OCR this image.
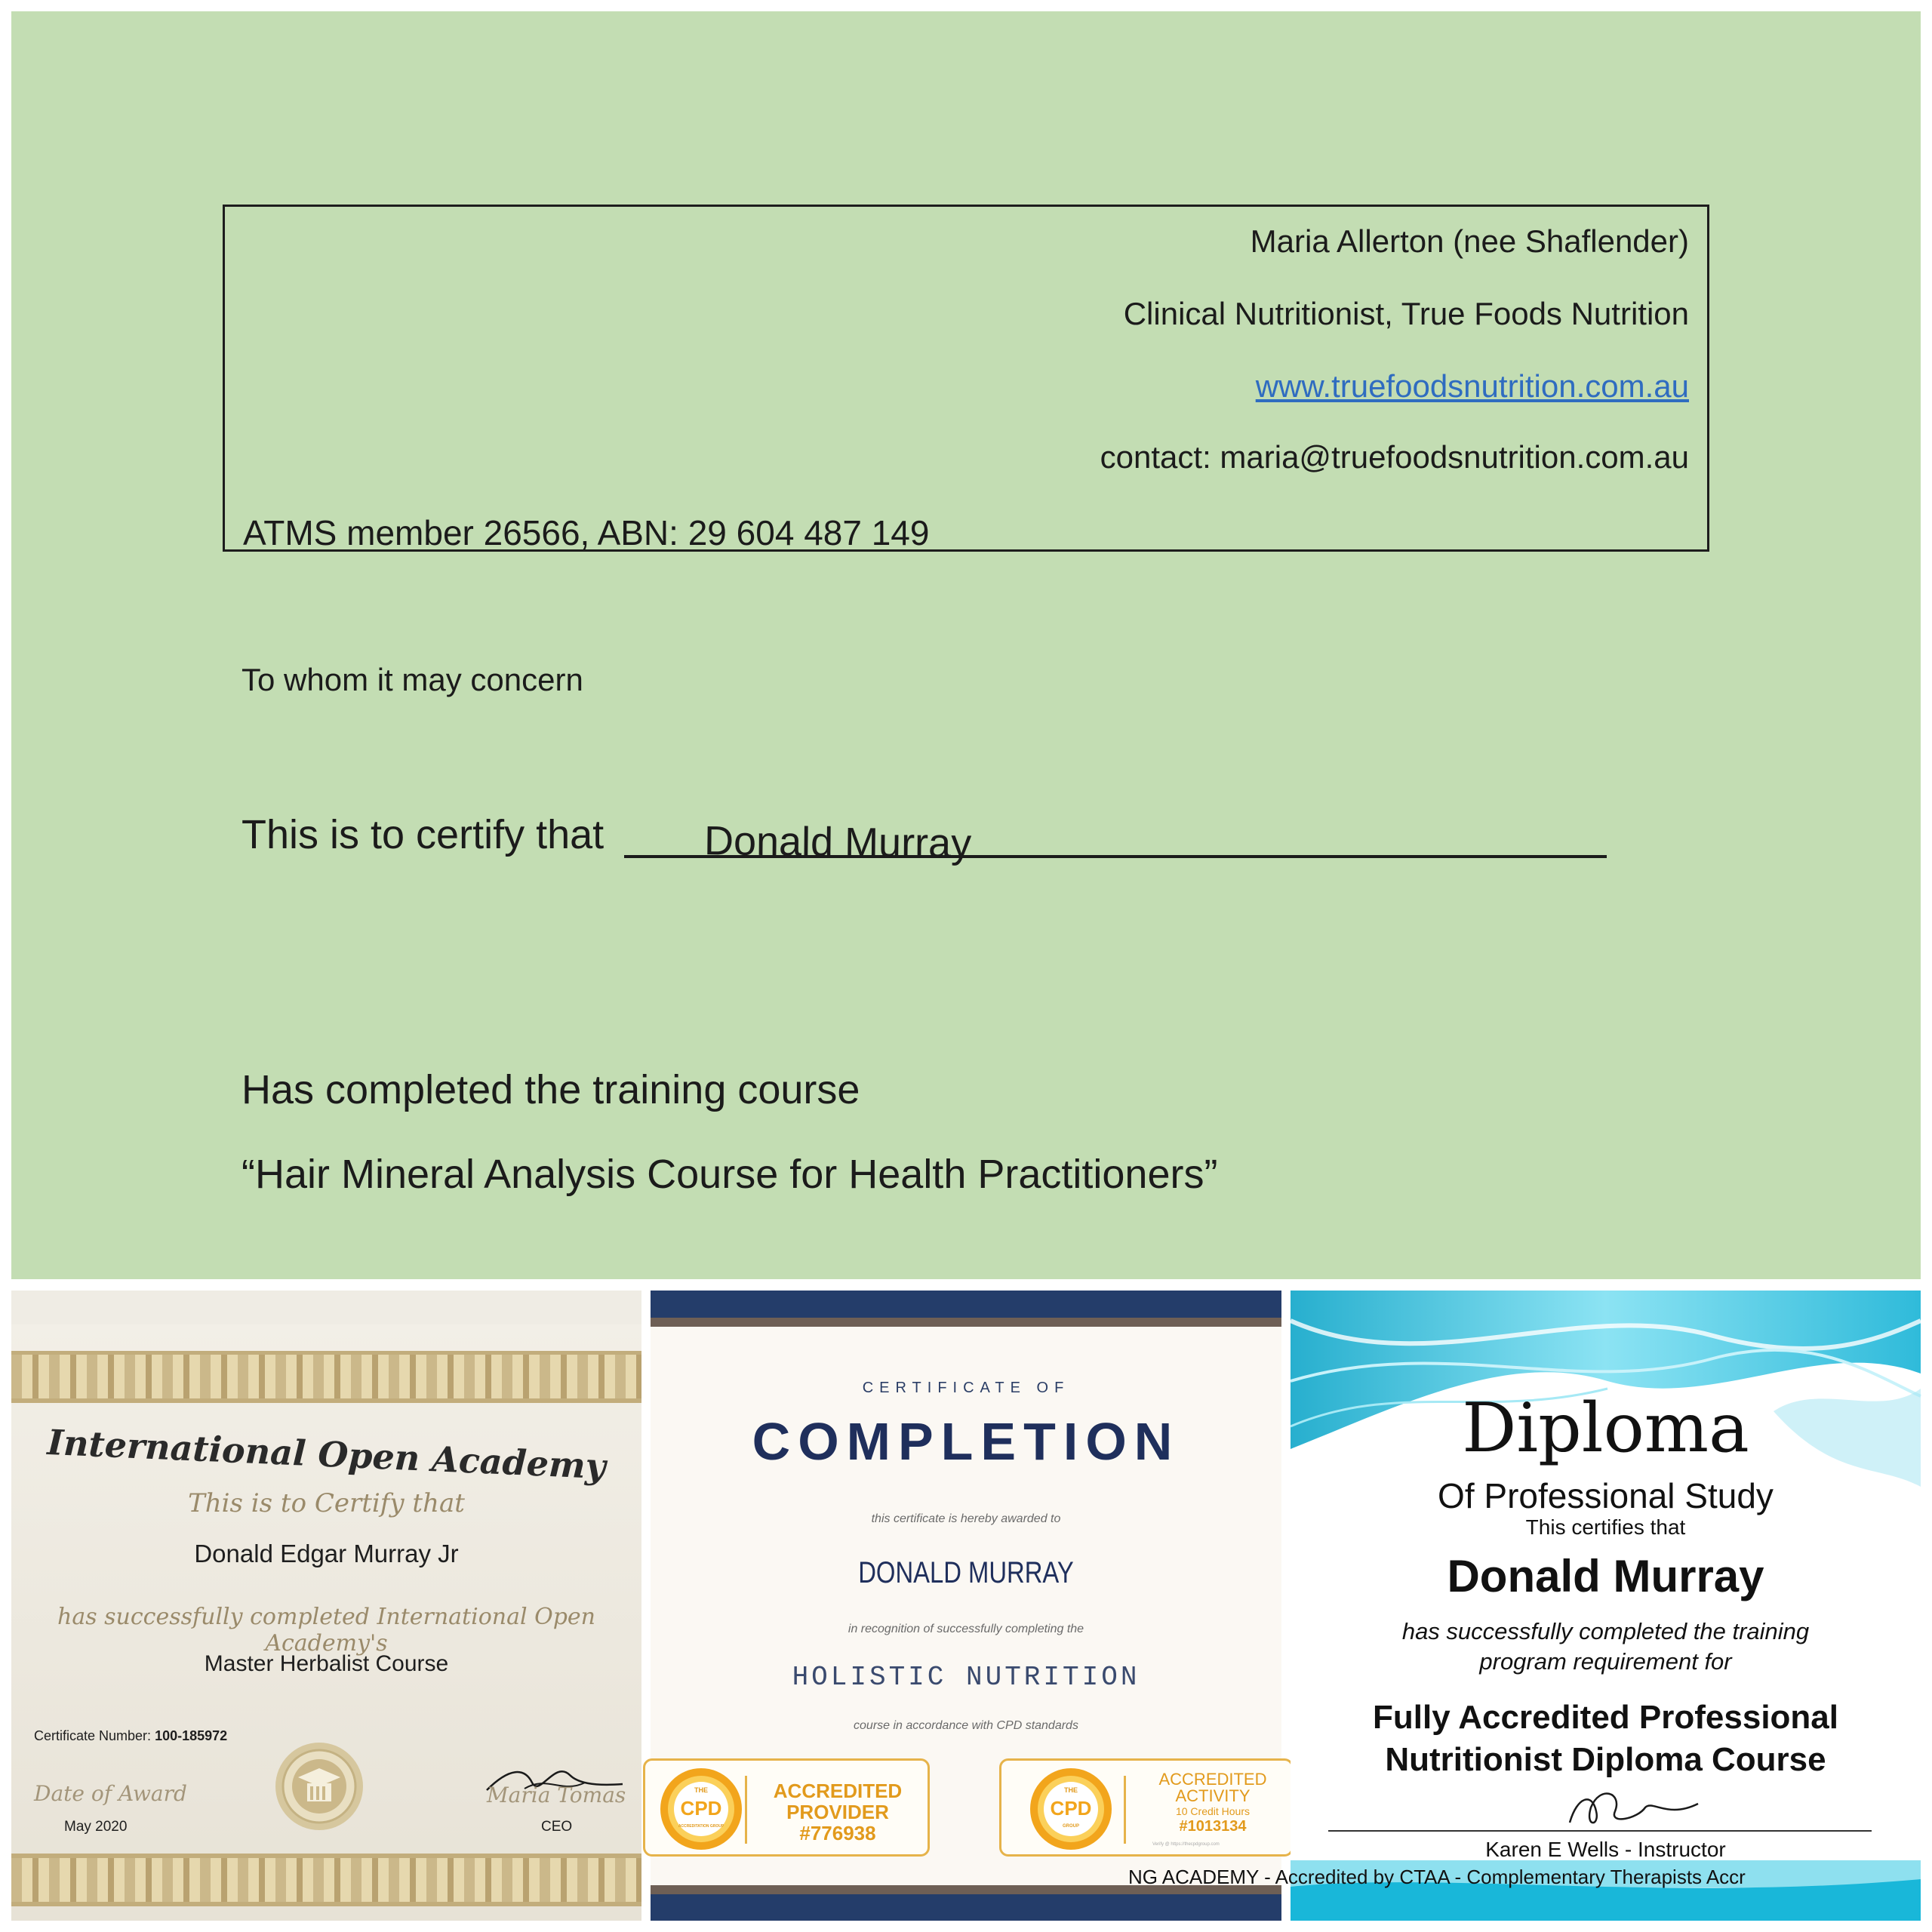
Maria Allerton (nee Shaflender)
Clinical Nutritionist, True Foods Nutrition
www.truefoodsnutrition.com.au
contact: maria@truefoodsnutrition.com.au
ATMS member 26566, ABN: 29 604 487 149
To whom it may concern
This is to certify that Donald Murray
Has completed the training course
“Hair Mineral Analysis Course for Health Practitioners”
International Open Academy
This is to Certify that
Donald Edgar Murray Jr
has successfully completed International Open Academy's
Master Herbalist Course
Certificate Number: 100-185972
Date of Award
May 2020
Maria Tomas
CEO
CERTIFICATE OF
COMPLETION
this certificate is hereby awarded to
DONALD MURRAY
in recognition of successfully completing the
HOLISTIC NUTRITION
course in accordance with CPD standards
THE
CPD
ACCREDITATION GROUP
ACCREDITED
PROVIDER
#776938
THE
CPD
GROUP
ACCREDITED
ACTIVITY
10 Credit Hours
#1013134
Verify @ https://thecpdgroup.com
Diploma
Of Professional Study
This certifies that
Donald Murray
has successfully completed the training
program requirement for
Fully Accredited Professional
Nutritionist Diploma Course
Karen E Wells - Instructor
NG ACADEMY - Accredited by CTAA - Complementary Therapists Accr
